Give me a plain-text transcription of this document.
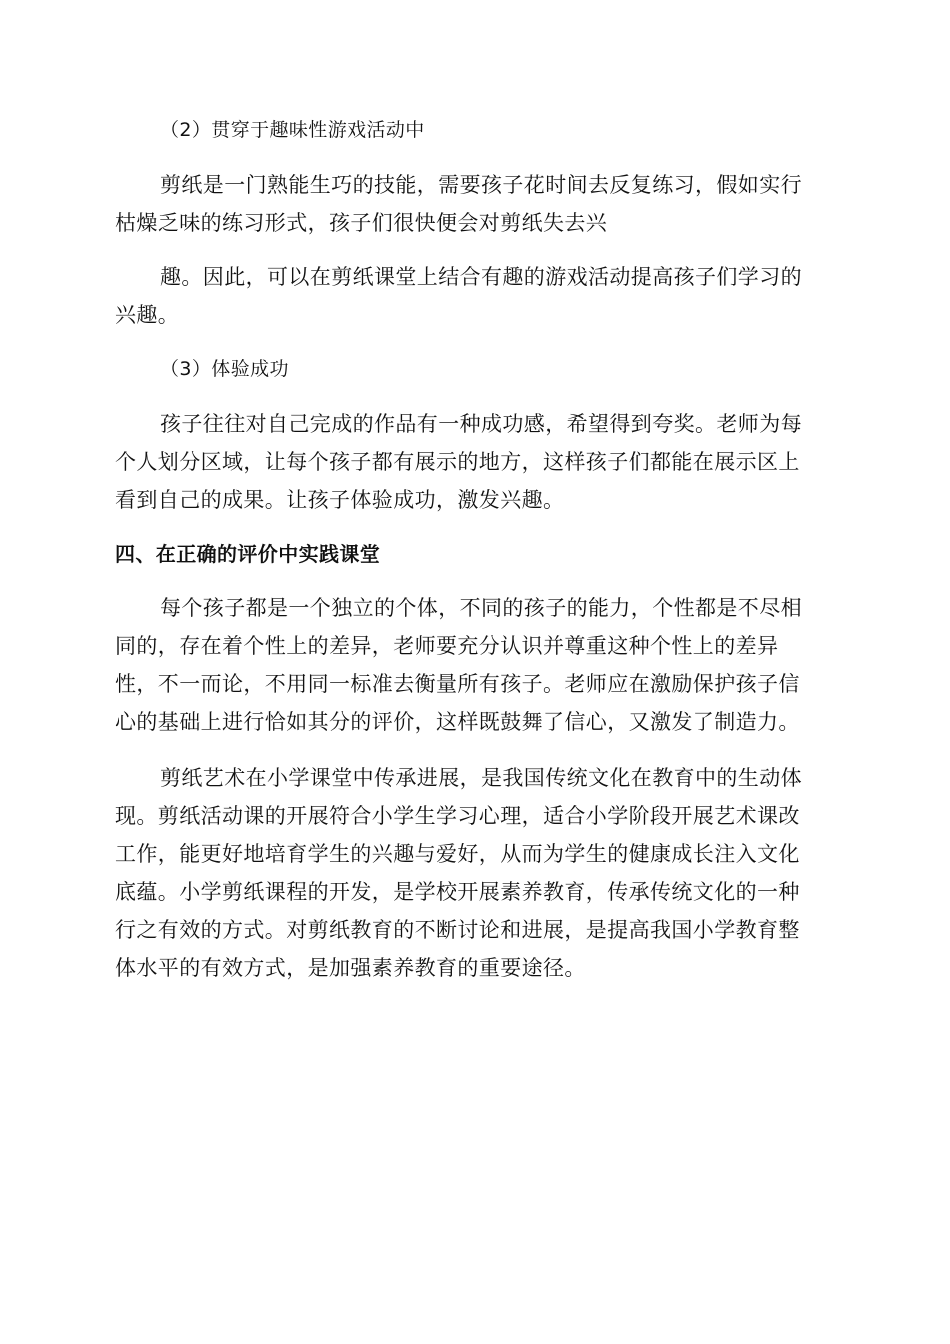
（2）贯穿于趣味性游戏活动中
剪纸是一门熟能生巧的技能，需要孩子花时间去反复练习，假如实行
枯燥乏味的练习形式，孩子们很快便会对剪纸失去兴
趣。因此，可以在剪纸课堂上结合有趣的游戏活动提高孩子们学习的
兴趣。
（3）体验成功
孩子往往对自己完成的作品有一种成功感，希望得到夸奖。老师为每
个人划分区域，让每个孩子都有展示的地方，这样孩子们都能在展示区上
看到自己的成果。让孩子体验成功，激发兴趣。
四、在正确的评价中实践课堂
每个孩子都是一个独立的个体，不同的孩子的能力，个性都是不尽相
同的，存在着个性上的差异，老师要充分认识并尊重这种个性上的差异
性，不一而论，不用同一标准去衡量所有孩子。老师应在激励保护孩子信
心的基础上进行恰如其分的评价，这样既鼓舞了信心，又激发了制造力。
剪纸艺术在小学课堂中传承进展，是我国传统文化在教育中的生动体
现。剪纸活动课的开展符合小学生学习心理，适合小学阶段开展艺术课改
工作，能更好地培育学生的兴趣与爱好，从而为学生的健康成长注入文化
底蕴。小学剪纸课程的开发，是学校开展素养教育，传承传统文化的一种
行之有效的方式。对剪纸教育的不断讨论和进展，是提高我国小学教育整
体水平的有效方式，是加强素养教育的重要途径。
